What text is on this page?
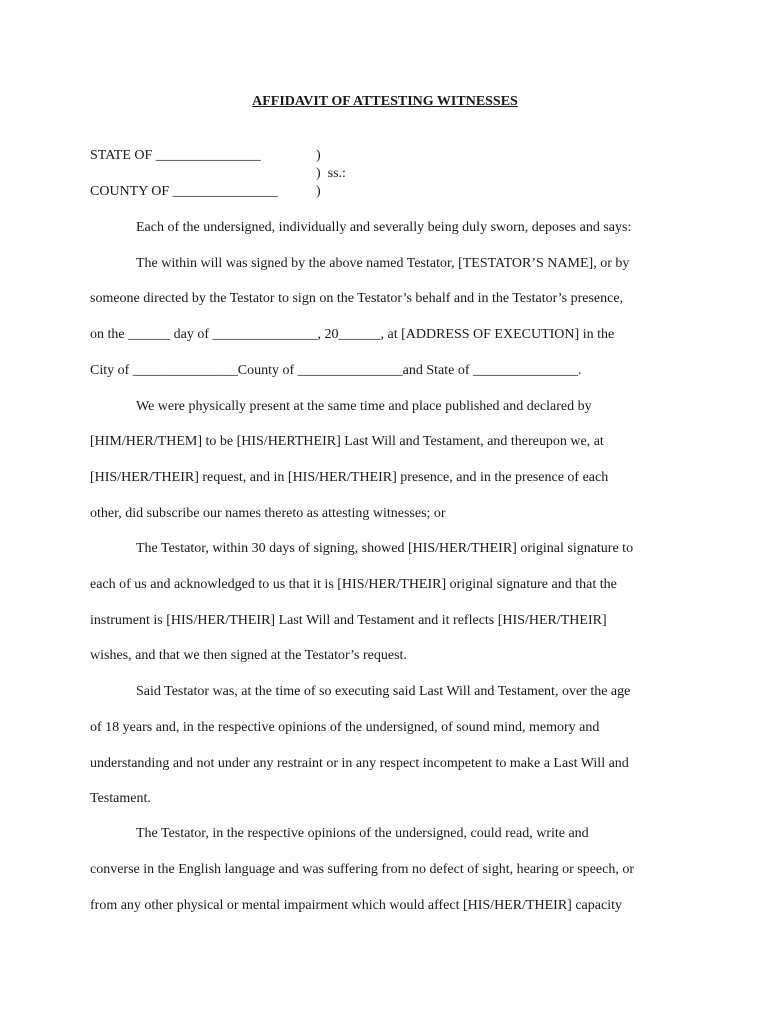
AFFIDAVIT OF ATTESTING WITNESSES
STATE OF _______________	)
)  ss.:
COUNTY OF _______________	)
Each of the undersigned, individually and severally being duly sworn, deposes and says:
The within will was signed by the above named Testator, [TESTATOR’S NAME], or by
someone directed by the Testator to sign on the Testator’s behalf and in the Testator’s presence,
on the ______ day of _______________, 20______, at [ADDRESS OF EXECUTION] in the
City of _______________County of _______________and State of _______________.
We were physically present at the same time and place published and declared by
[HIM/HER/THEM] to be [HIS/HERTHEIR] Last Will and Testament, and thereupon we, at
[HIS/HER/THEIR] request, and in [HIS/HER/THEIR] presence, and in the presence of each
other, did subscribe our names thereto as attesting witnesses; or
The Testator, within 30 days of signing, showed [HIS/HER/THEIR] original signature to
each of us and acknowledged to us that it is [HIS/HER/THEIR] original signature and that the
instrument is [HIS/HER/THEIR] Last Will and Testament and it reflects [HIS/HER/THEIR]
wishes, and that we then signed at the Testator’s request.
Said Testator was, at the time of so executing said Last Will and Testament, over the age
of 18 years and, in the respective opinions of the undersigned, of sound mind, memory and
understanding and not under any restraint or in any respect incompetent to make a Last Will and
Testament.
The Testator, in the respective opinions of the undersigned, could read, write and
converse in the English language and was suffering from no defect of sight, hearing or speech, or
from any other physical or mental impairment which would affect [HIS/HER/THEIR] capacity
